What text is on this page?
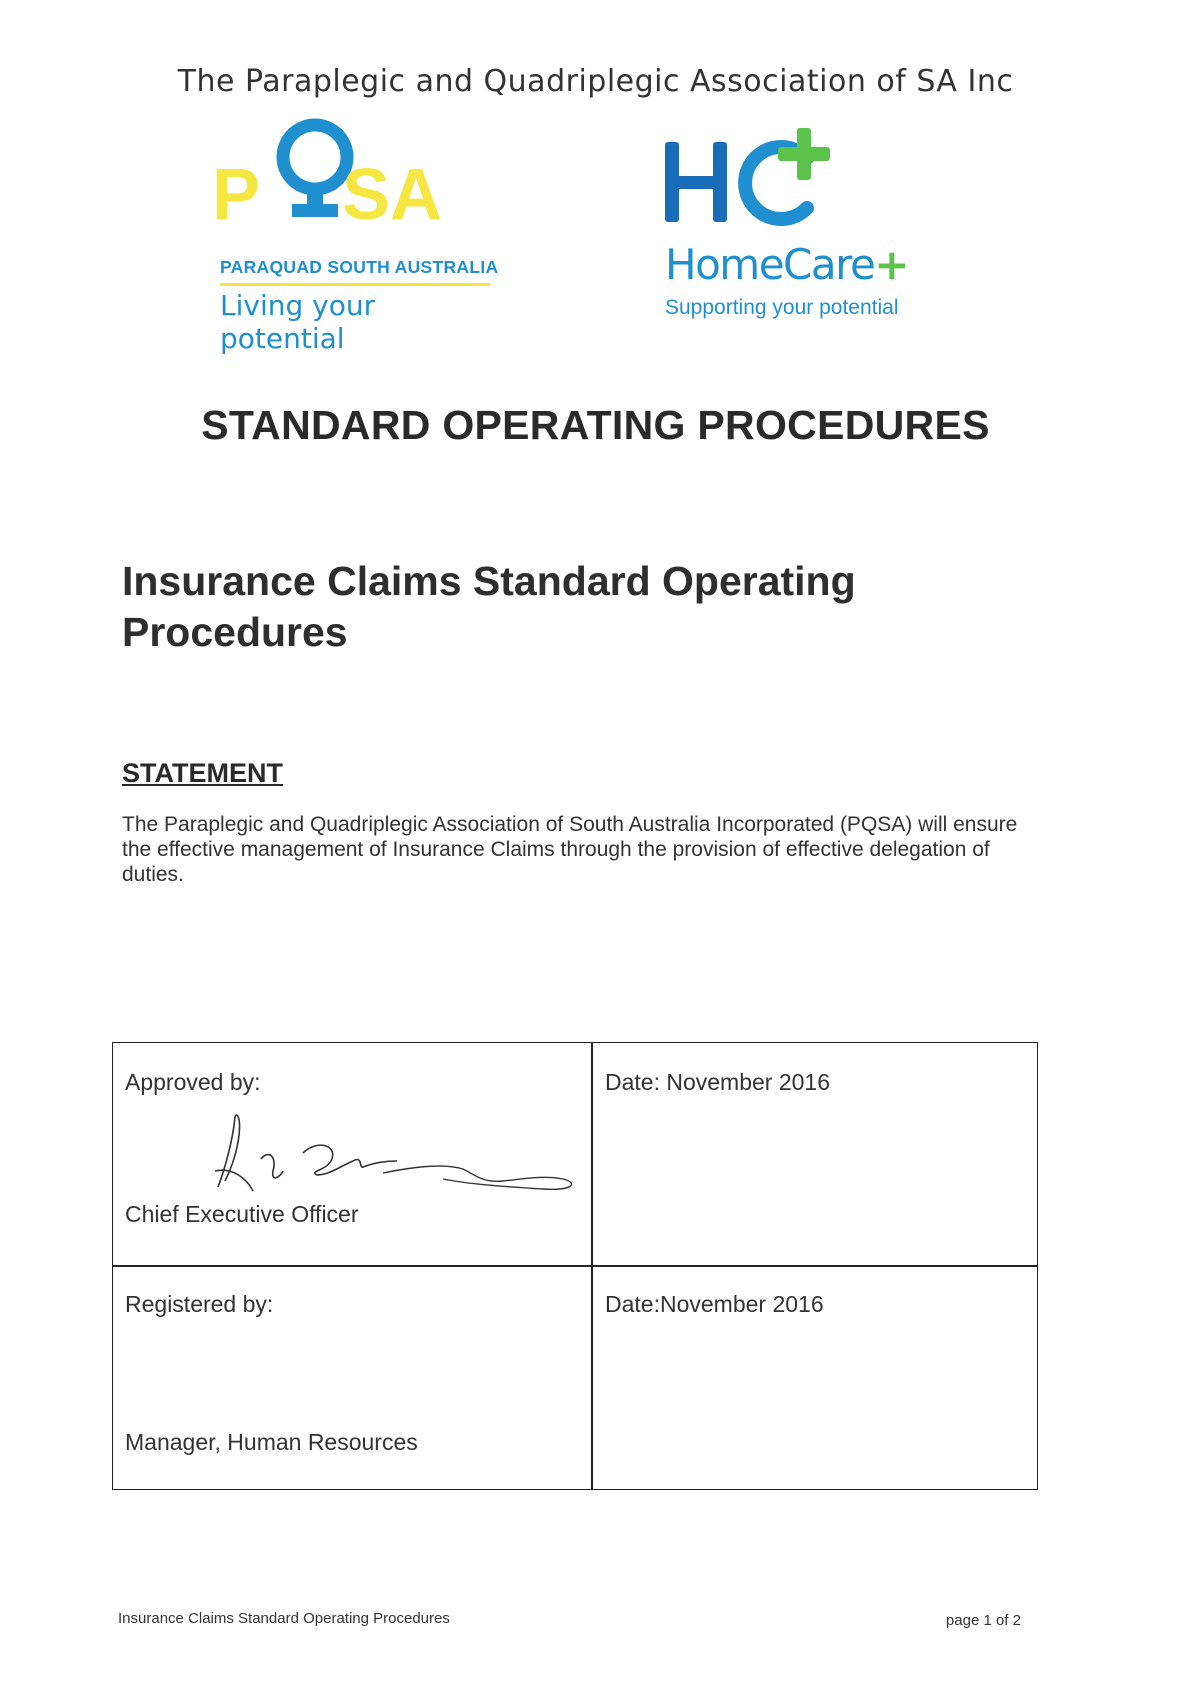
The Paraplegic and Quadriplegic Association of SA Inc
P SA
PARAQUAD SOUTH AUSTRALIA
Living your potential
HomeCare+
Supporting your potential
STANDARD OPERATING PROCEDURES
Insurance Claims Standard Operating Procedures
STATEMENT
The Paraplegic and Quadriplegic Association of South Australia Incorporated (PQSA) will ensure the effective management of Insurance Claims through the provision of effective delegation of duties.
Approved by:
Chief Executive Officer
Date: November 2016
Registered by:
Manager, Human Resources
Date:November 2016
Insurance Claims Standard Operating Procedures	page 1 of 2
